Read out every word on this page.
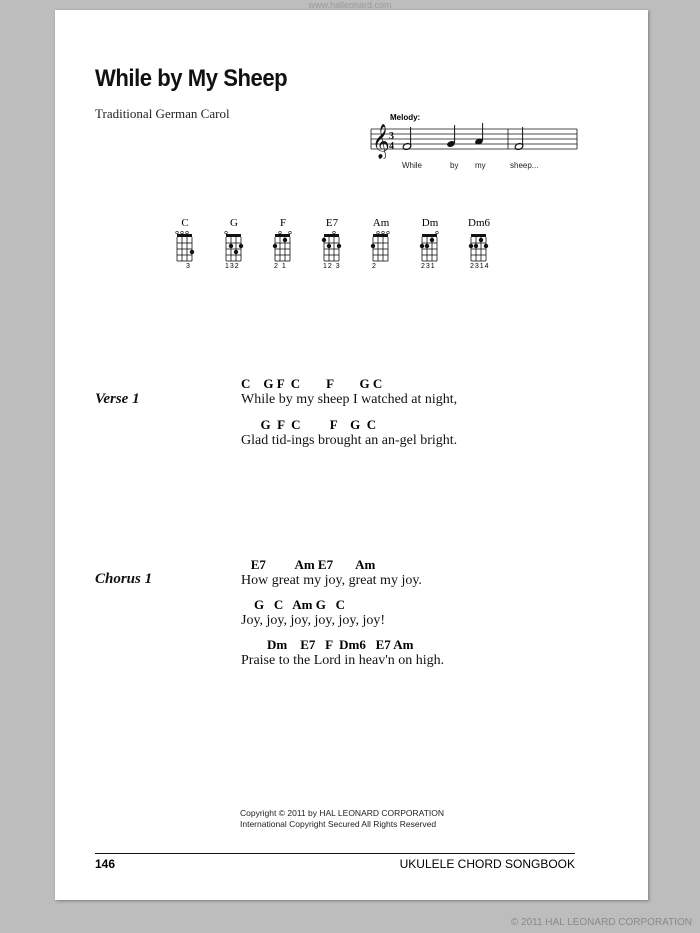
www.halleonard.com
While by My Sheep
Traditional German Carol	Melody:
𝄞 3
4
While	by my	sheep...
C
3
G
132
F
2 1
E7
12 3
Am
2
Dm
231
Dm6
2314
Verse 1
C    G F  C        F        G C
While by my sheep I watched at night,
G  F  C         F    G  C
Glad tid-ings brought an an-gel bright.
Chorus 1
E7         Am E7       Am
How great my joy, great my joy.
G   C   Am G   C
Joy, joy, joy, joy, joy, joy!
Dm    E7   F  Dm6   E7 Am
Praise to the Lord in heav'n on high.
Copyright © 2011 by HAL LEONARD CORPORATION
International Copyright Secured All Rights Reserved
146	UKULELE CHORD SONGBOOK
© 2011 HAL LEONARD CORPORATION
